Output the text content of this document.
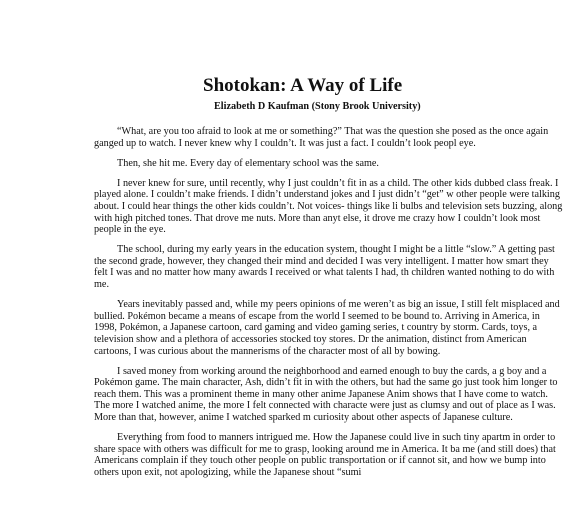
Shotokan: A Way of Life
Elizabeth D Kaufman (Stony Brook University)

“What, are you too afraid to look at me or something?” That was the question she posed as the once again ganged up to watch. I never knew why I couldn’t. It was just a fact. I couldn’t look peopl eye.

Then, she hit me. Every day of elementary school was the same.

I never knew for sure, until recently, why I just couldn’t fit in as a child. The other kids dubbed class freak. I played alone. I couldn’t make friends. I didn’t understand jokes and I just didn’t “get” w other people were talking about. I could hear things the other kids couldn’t. Not voices- things like li bulbs and television sets buzzing, along with high pitched tones. That drove me nuts. More than anyt else, it drove me crazy how I couldn’t look most people in the eye.

The school, during my early years in the education system, thought I might be a little “slow.” A getting past the second grade, however, they changed their mind and decided I was very intelligent. I matter how smart they felt I was and no matter how many awards I received or what talents I had, th children wanted nothing to do with me.

Years inevitably passed and, while my peers opinions of me weren’t as big an issue, I still felt misplaced and bullied. Pokémon became a means of escape from the world I seemed to be bound to. Arriving in America, in 1998, Pokémon, a Japanese cartoon, card gaming and video gaming series, t country by storm. Cards, toys, a television show and a plethora of accessories stocked toy stores. Dr the animation, distinct from American cartoons, I was curious about the mannerisms of the character most of all by bowing.

I saved money from working around the neighborhood and earned enough to buy the cards, a g boy and a Pokémon game. The main character, Ash, didn’t fit in with the others, but had the same go just took him longer to reach them. This was a prominent theme in many other anime Japanese Anim shows that I have come to watch. The more I watched anime, the more I felt connected with characte were just as clumsy and out of place as I was. More than that, however, anime I watched sparked m curiosity about other aspects of Japanese culture.

Everything from food to manners intrigued me. How the Japanese could live in such tiny apartm in order to share space with others was difficult for me to grasp, looking around me in America. It ba me (and still does) that Americans complain if they touch other people on public transportation or if cannot sit, and how we bump into others upon exit, not apologizing, while the Japanese shout “sumi
